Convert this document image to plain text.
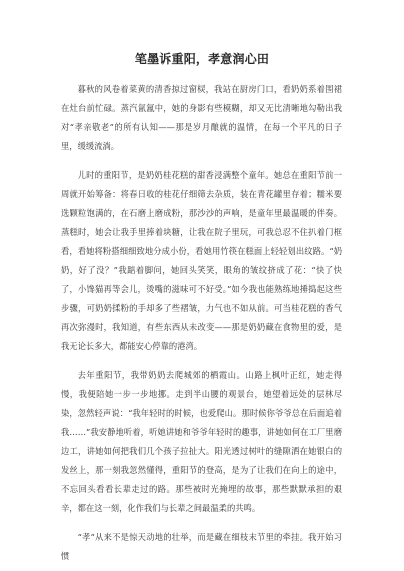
笔墨诉重阳，孝意润心田

暮秋的风卷着菜黄的清香掠过窗棂，我站在厨房门口，看奶奶系着围裙在灶台前忙碌。蒸汽氤氲中，她的身影有些模糊，却又无比清晰地勾勒出我对“孝亲敬老”的所有认知——那是岁月酿就的温情，在每一个平凡的日子里，缓缓流淌。

儿时的重阳节，是奶奶桂花糕的甜香浸满整个童年。她总在重阳节前一周就开始筹备：将春日收的桂花仔细筛去杂质，装在青花罐里存着；糯米要选颗粒饱满的，在石磨上磨成粉，那沙沙的声响，是童年里最温暖的伴奏。蒸糕时，她会让我手里捧着块糖，让我在院子里玩，可我总忍不住扒着门框看，看她将粉搭细细致地分成小份，看她用竹筷在糕面上轻轻划出纹路。“奶奶，好了没？”我踮着脚问，她回头笑笑，眼角的皱纹挤成了花：“快了快了，小馋猫再等会儿，烫嘴的滋味可不好受。”如今我也能熟练地捶捣起这些步骤，可奶奶揉粉的手却多了些褶皱，力气也不如从前。可当桂花糕的香气再次弥漫时，我知道，有些东西从未改变——那是奶奶藏在食物里的爱，是我无论长多大，都能安心停靠的港湾。

去年重阳节，我带奶奶去爬城郊的栖霞山。山路上枫叶正红，她走得慢，我便陪她一步一步地挪。走到半山腰的观景台，她望着远处的层林尽染，忽然轻声说：“我年轻时的时候，也爱爬山。那时候你爷爷总在后面追着我……”我安静地听着，听她讲她和爷爷年轻时的趣事，讲她如何在工厂里磨边工，讲她如何把我们几个孩子拉扯大。阳光透过树叶的缝隙洒在她银白的发丝上，那一刻我忽然懂得，重阳节的登高，是为了让我们在向上的途中，不忘回头看看长辈走过的路。那些被时光掩埋的故事，那些默默承担的艰辛，都在这一刻，化作我们与长辈之间最温柔的共鸣。

“孝”从来不是惊天动地的壮举，而是藏在细枝末节里的牵挂。我开始习惯
